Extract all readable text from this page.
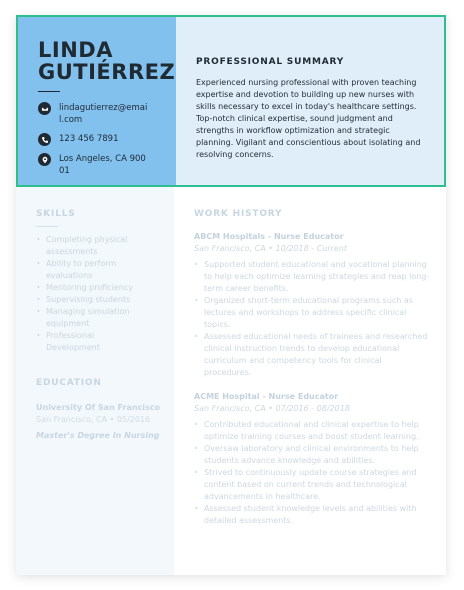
LINDA
GUTIÉRREZ
lindagutierrez@email.com
123 456 7891
Los Angeles, CA 90001
PROFESSIONAL SUMMARY

Experienced nursing professional with proven teaching expertise and devotion to building up new nurses with skills necessary to excel in today's healthcare settings. Top-notch clinical expertise, sound judgment and strengths in workflow optimization and strategic planning. Vigilant and conscientious about isolating and resolving concerns.

SKILLS
• Completing physical assessments
• Ability to perform evaluations
• Mentoring proficiency
• Supervising students
• Managing simulation equipment
• Professional Development
EDUCATION
University Of San Francisco
San Francisco, CA • 05/2016
Master's Degree In Nursing
WORK HISTORY
ABCM Hospitals - Nurse Educator
San Francisco, CA • 10/2018 - Current
• Supported student educational and vocational planning to help each optimize learning strategies and reap long-term career benefits.
• Organized short-term educational programs such as lectures and workshops to address specific clinical topics.
• Assessed educational needs of trainees and researched clinical instruction trends to develop educational curriculum and competency tools for clinical procedures.
ACME Hospital - Nurse Educator
San Francisco, CA • 07/2016 - 08/2018
• Contributed educational and clinical expertise to help optimize training courses and boost student learning.
• Oversaw laboratory and clinical environments to help students advance knowledge and abilities.
• Strived to continuously update course strategies and content based on current trends and technological advancements in healthcare.
• Assessed student knowledge levels and abilities with detailed assessments.
